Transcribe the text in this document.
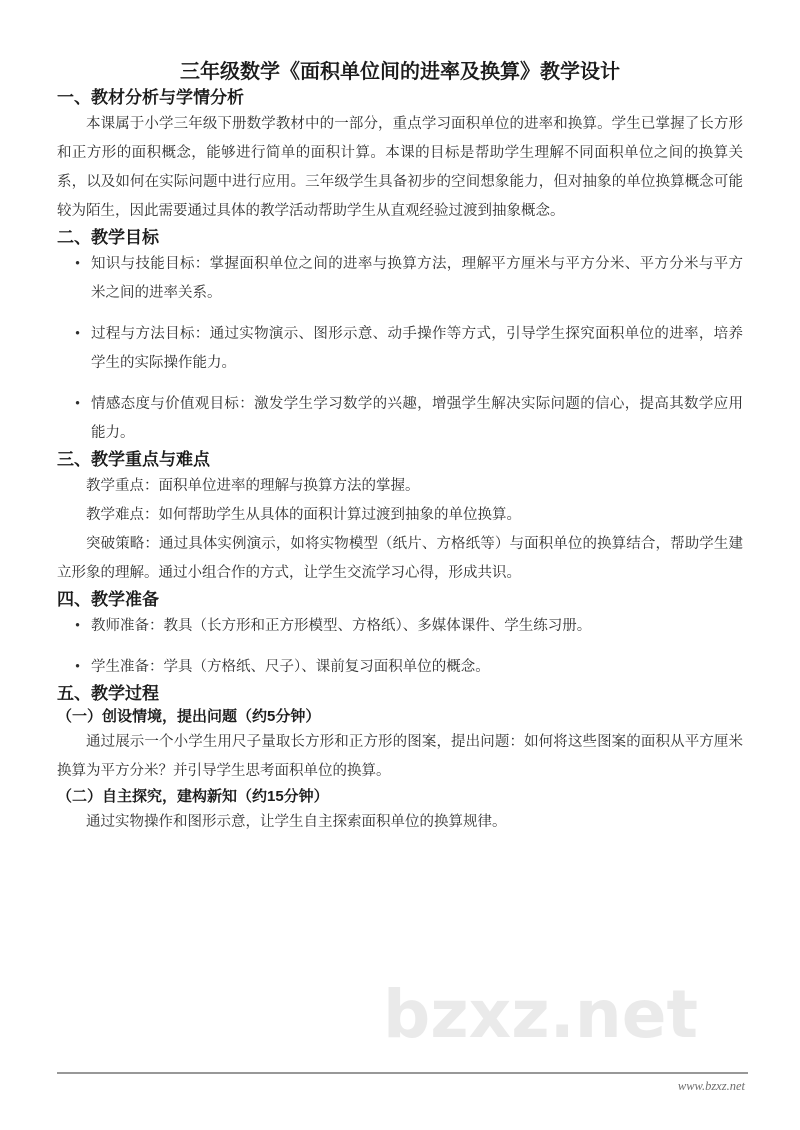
bzxz.net
三年级数学《面积单位间的进率及换算》教学设计
一、教材分析与学情分析

本课属于小学三年级下册数学教材中的一部分，重点学习面积单位的进率和换算。学生已掌握了长方形和正方形的面积概念，能够进行简单的面积计算。本课的目标是帮助学生理解不同面积单位之间的换算关系，以及如何在实际问题中进行应用。三年级学生具备初步的空间想象能力，但对抽象的单位换算概念可能较为陌生，因此需要通过具体的教学活动帮助学生从直观经验过渡到抽象概念。

二、教学目标
• 知识与技能目标：掌握面积单位之间的进率与换算方法，理解平方厘米与平方分米、平方分米与平方米之间的进率关系。
• 过程与方法目标：通过实物演示、图形示意、动手操作等方式，引导学生探究面积单位的进率，培养学生的实际操作能力。
• 情感态度与价值观目标：激发学生学习数学的兴趣，增强学生解决实际问题的信心，提高其数学应用能力。
三、教学重点与难点

教学重点：面积单位进率的理解与换算方法的掌握。

教学难点：如何帮助学生从具体的面积计算过渡到抽象的单位换算。

突破策略：通过具体实例演示，如将实物模型（纸片、方格纸等）与面积单位的换算结合，帮助学生建立形象的理解。通过小组合作的方式，让学生交流学习心得，形成共识。

四、教学准备
• 教师准备：教具（长方形和正方形模型、方格纸）、多媒体课件、学生练习册。
• 学生准备：学具（方格纸、尺子）、课前复习面积单位的概念。
五、教学过程
（一）创设情境，提出问题（约5分钟）

通过展示一个小学生用尺子量取长方形和正方形的图案，提出问题：如何将这些图案的面积从平方厘米换算为平方分米？并引导学生思考面积单位的换算。

（二）自主探究，建构新知（约15分钟）

通过实物操作和图形示意，让学生自主探索面积单位的换算规律。

www.bzxz.net
